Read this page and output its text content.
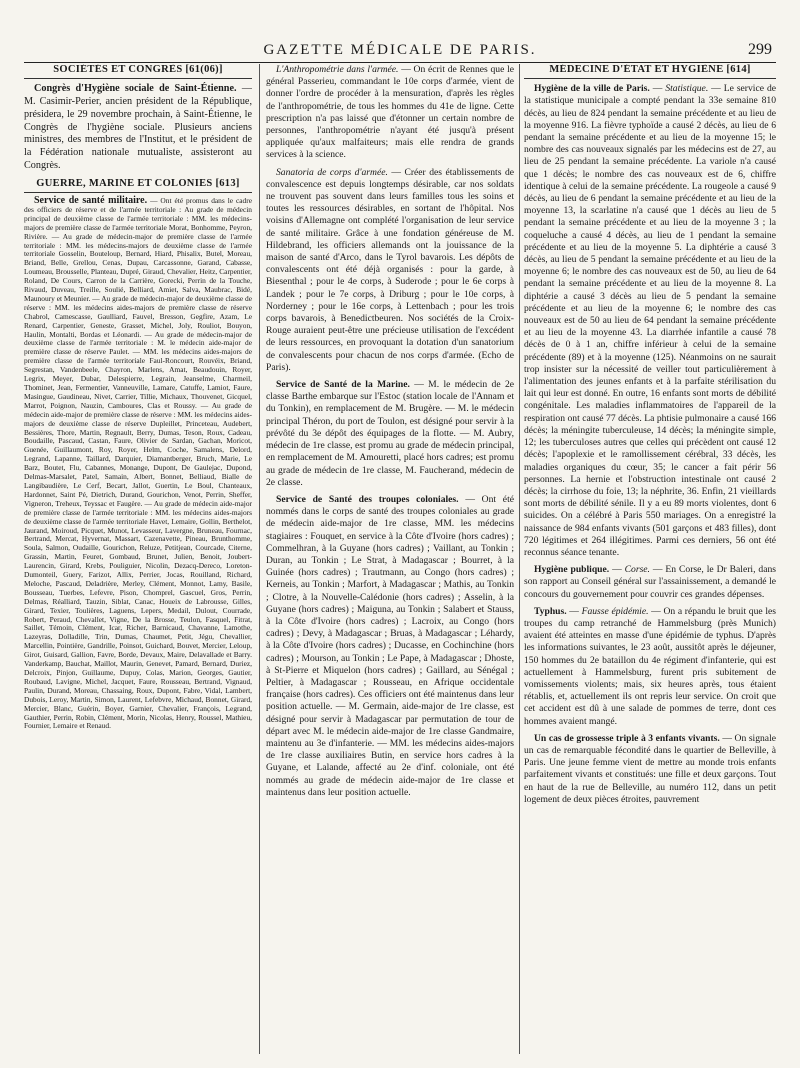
GAZETTE MÉDICALE DE PARIS.	299
SOCIÉTÉS ET CONGRÈS [61(06)]

Congrès d'Hygiène sociale de Saint-Étienne. — M. Casimir-Perier, ancien président de la République, présidera, le 29 novembre prochain, à Saint-Étienne, le Congrès de l'hygiène sociale. Plusieurs anciens ministres, des membres de l'Institut, et le président de la Fédération nationale mutualiste, assisteront au Congrès.

GUERRE, MARINE ET COLONIES [613]

Service de santé militaire. — Ont été promus dans le cadre des officiers de réserve et de l'armée territoriale : Au grade de médecin principal de deuxième classe de l'armée territoriale : MM. les médecins-majors de première classe de l'armée territoriale Morat, Bonhomme, Peyron, Rivière. — Au grade de médecin-major de première classe de l'armée territoriale : MM. les médecins-majors de deuxième classe de l'armée territoriale Gosselin, Bouteloup, Bernard, Hiard, Phisalix, Butel, Moreau, Briand, Belle, Grellou, Cenas, Dupau, Carcassonne, Garand, Cabasse, Loumeau, Brousselle, Planteau, Dupré, Giraud, Chevalier, Heitz, Carpentier, Roland, De Cours, Carron de la Carrière, Gorecki, Perrin de la Touche, Rivaud, Duveau, Treille, Soulié, Belliard, Amiet, Salva, Maubrac, Bidé, Maunoury et Meunier. — Au grade de médecin-major de deuxième classe de réserve : MM. les médecins aides-majors de première classe de réserve Chabrol, Camescasse, Gaulliard, Fauvel, Bresson, Gegfire, Azam, Le Renard, Carpentier, Geneste, Grasset, Michel, Joly, Rouliot, Bouyon, Haulin, Montalti, Bordas et Léonardi. — Au grade de médecin-major de deuxième classe de l'armée territoriale : M. le médecin aide-major de première classe de réserve Paulet. — MM. les médecins aides-majors de première classe de l'armée territoriale Faul-Roncourt, Rouvéix, Briand, Segrestan, Vandenbeele, Chayron, Marlens, Amat, Beaudouin, Royer, Legrix, Meyer, Dubar, Delespierre, Legrain, Jeanselme, Charmeil, Thominet, Jean, Fermentier, Vanneuville, Lamare, Catuffe, Lamiot, Faure, Masingue, Gaudineau, Nivet, Carrier, Tillie, Michaux, Thouvenet, Gicquel, Marrot, Poignon, Nauzin, Camboures, Clas et Roussy. — Au grade de médecin aide-major de première classe de réserve : MM. les médecins aides-majors de deuxième classe de réserve Dupleillet, Princeteau, Audebert, Bessières, Thore, Martin, Regnault, Berry, Dumas, Teson, Roux, Cadeau, Boudaille, Pascaud, Castan, Faure, Olivier de Sardan, Gachan, Moricot, Guenée, Guillaumont, Roy, Royer, Helm, Coche, Samalens, Delord, Legrand, Lapanne, Taillard, Darquier, Diamantberger, Bruch, Marie, Le Barz, Boutet, Flu, Cabannes, Monange, Dupont, De Gaulejac, Dupond, Delmas-Marsalet, Patel, Samain, Albert, Bonnet, Belliaud, Bialle de Langibaudière, Le Cerf, Becart, Jallot, Guertin, Le Boul, Chanteaux, Hardonnet, Saint Pé, Dietrich, Durand, Gourichon, Venot, Perrin, Sheffer, Vigneron, Treheux, Teyssac et Faugère. — Au grade de médecin aide-major de première classe de l'armée territoriale : MM. les médecins aides-majors de deuxième classe de l'armée territoriale Havet, Lemaire, Gollin, Berthelot, Jaurand, Moiroud, Picquet, Munot, Levasseur, Lavergne, Bruneau, Fournac, Bertrand, Mercat, Hyvernat, Massart, Cazenavette, Pineau, Brunthomme, Soula, Salmon, Oudaille, Gourichon, Reluze, Petitjean, Courcade, Citerne, Grassin, Martin, Feuret, Gombaud, Brunet, Julien, Benoit, Joubert-Laurencin, Girard, Krebs, Pouliguier, Nicolin, Dezacq-Dereco, Loreton-Dumonteil, Guery, Farizot, Allix, Perrier, Jocas, Rouilland, Richard, Meloche, Pascaud, Deladrière, Merley, Clément, Monnot, Lamy, Basile, Bousseau, Tuerbes, Lefevre, Pison, Chomprel, Gascuel, Gros, Perrin, Delmas, Réalliard, Tauzin, Siblat, Canac, Houeix de Labrousse, Gilles, Girard, Texier, Toulières, Laguens, Lepers, Medail, Dulout, Courrade, Robert, Peraud, Chevallet, Vigne, De la Brosse, Teulon, Fasquel, Fitrat, Saillet, Témoin, Clément, Icar, Richer, Barnicaud, Chavanne, Lamothe, Lazeyras, Dolladille, Trin, Dumas, Chaumet, Petit, Jégu, Chevallier, Marcellin, Pointière, Gandrille, Poinsot, Guichard, Bouvet, Mercier, Leloup, Girot, Guisard, Gallion, Favre, Borde, Devaux, Maire, Delavallade et Barry. Vanderkamp, Bauchat, Maillot, Maurin, Genevet, Pamard, Bernard, Duriez, Delcroix, Pinjon, Guillaume, Dupuy, Colas, Marion, Georges, Gautier, Roubaud, Lavigne, Michel, Jacquet, Faure, Rousseau, Bertrand, Vignaud, Paulin, Durand, Moreau, Chassaing, Roux, Dupont, Fabre, Vidal, Lambert, Dubois, Leroy, Martin, Simon, Laurent, Lefebvre, Michaud, Bonnet, Girard, Mercier, Blanc, Guérin, Boyer, Garnier, Chevalier, François, Legrand, Gauthier, Perrin, Robin, Clément, Morin, Nicolas, Henry, Roussel, Mathieu, Fournier, Lemaire et Renaud.

L'Anthropométrie dans l'armée. — On écrit de Rennes que le général Passerieu, commandant le 10e corps d'armée, vient de donner l'ordre de procéder à la mensuration, d'après les règles de l'anthropométrie, de tous les hommes du 41e de ligne. Cette prescription n'a pas laissé que d'étonner un certain nombre de personnes, l'anthropométrie n'ayant été jusqu'à présent appliquée qu'aux malfaiteurs; mais elle rendra de grands services à la science.

Sanatoria de corps d'armée. — Créer des établissements de convalescence est depuis longtemps désirable, car nos soldats ne trouvent pas souvent dans leurs familles tous les soins et toutes les ressources désirables, en sortant de l'hôpital. Nos voisins d'Allemagne ont complété l'organisation de leur service de santé militaire. Grâce à une fondation généreuse de M. Hildebrand, les officiers allemands ont la jouissance de la maison de santé d'Arco, dans le Tyrol bavarois. Les dépôts de convalescents ont été déjà organisés : pour la garde, à Biesenthal ; pour le 4e corps, à Suderode ; pour le 6e corps à Landek ; pour le 7e corps, à Driburg ; pour le 10e corps, à Norderney ; pour le 16e corps, à Lettenbach ; pour les trois corps bavarois, à Benedictbeuren. Nos sociétés de la Croix-Rouge auraient peut-être une précieuse utilisation de l'excédent de leurs ressources, en provoquant la dotation d'un sanatorium de convalescents pour chacun de nos corps d'armée. (Echo de Paris).

Service de Santé de la Marine. — M. le médecin de 2e classe Barthe embarque sur l'Estoc (station locale de l'Annam et du Tonkin), en remplacement de M. Brugère. — M. le médecin principal Théron, du port de Toulon, est désigné pour servir à la prévôté du 3e dépôt des équipages de la flotte. — M. Aubry, médecin de 1re classe, est promu au grade de médecin principal, en remplacement de M. Amouretti, placé hors cadres; est promu au grade de médecin de 1re classe, M. Faucherand, médecin de 2e classe.

Service de Santé des troupes coloniales. — Ont été nommés dans le corps de santé des troupes coloniales au grade de médecin aide-major de 1re classe, MM. les médecins stagiaires : Fouquet, en service à la Côte d'Ivoire (hors cadres) ; Commelhran, à la Guyane (hors cadres) ; Vaillant, au Tonkin ; Duran, au Tonkin ; Le Strat, à Madagascar ; Bourret, à la Guinée (hors cadres) ; Trautmann, au Congo (hors cadres) ; Kerneis, au Tonkin ; Marfort, à Madagascar ; Mathis, au Tonkin ; Clotre, à la Nouvelle-Calédonie (hors cadres) ; Asselin, à la Guyane (hors cadres) ; Maiguna, au Tonkin ; Salabert et Stauss, à la Côte d'Ivoire (hors cadres) ; Lacroix, au Congo (hors cadres) ; Devy, à Madagascar ; Bruas, à Madagascar ; Léhardy, à la Côte d'Ivoire (hors cadres) ; Ducasse, en Cochinchine (hors cadres) ; Mourson, au Tonkin ; Le Pape, à Madagascar ; Dhoste, à St-Pierre et Miquelon (hors cadres) ; Gaillard, au Sénégal ; Peltier, à Madagascar ; Rousseau, en Afrique occidentale française (hors cadres). Ces officiers ont été maintenus dans leur position actuelle. — M. Germain, aide-major de 1re classe, est désigné pour servir à Madagascar par permutation de tour de départ avec M. le médecin aide-major de 1re classe Gandmaire, maintenu au 3e d'infanterie. — MM. les médecins aides-majors de 1re classe auxiliaires Butin, en service hors cadres à la Guyane, et Lalande, affecté au 2e d'inf. coloniale, ont été nommés au grade de médecin aide-major de 1re classe et maintenus dans leur position actuelle.

MÉDECINE D'ÉTAT ET HYGIÈNE [614]

Hygiène de la ville de Paris. — Statistique. — Le service de la statistique municipale a compté pendant la 33e semaine 810 décès, au lieu de 824 pendant la semaine précédente et au lieu de la moyenne 916. La fièvre typhoïde a causé 2 décès, au lieu de 6 pendant la semaine précédente et au lieu de la moyenne 15; le nombre des cas nouveaux signalés par les médecins est de 27, au lieu de 25 pendant la semaine précédente. La variole n'a causé que 1 décès; le nombre des cas nouveaux est de 6, chiffre identique à celui de la semaine précédente. La rougeole a causé 9 décès, au lieu de 6 pendant la semaine précédente et au lieu de la moyenne 13, la scarlatine n'a causé que 1 décès au lieu de 5 pendant la semaine précédente et au lieu de la moyenne 3 ; la coqueluche a causé 4 décès, au lieu de 1 pendant la semaine précédente et au lieu de la moyenne 5. La diphtérie a causé 3 décès, au lieu de 5 pendant la semaine précédente et au lieu de la moyenne 6; le nombre des cas nouveaux est de 50, au lieu de 64 pendant la semaine précédente et au lieu de la moyenne 8. La diphtérie a causé 3 décès au lieu de 5 pendant la semaine précédente et au lieu de la moyenne 6; le nombre des cas nouveaux est de 50 au lieu de 64 pendant la semaine précédente et au lieu de la moyenne 43. La diarrhée infantile a causé 78 décès de 0 à 1 an, chiffre inférieur à celui de la semaine précédente (89) et à la moyenne (125). Néanmoins on ne saurait trop insister sur la nécessité de veiller tout particulièrement à l'alimentation des jeunes enfants et à la parfaite stérilisation du lait qui leur est donné. En outre, 16 enfants sont morts de débilité congénitale. Les maladies inflammatoires de l'appareil de la respiration ont causé 77 décès. La phtisie pulmonaire a causé 166 décès; la méningite tuberculeuse, 14 décès; la méningite simple, 12; les tuberculoses autres que celles qui précèdent ont causé 12 décès; l'apoplexie et le ramollissement cérébral, 33 décès, les maladies organiques du cœur, 35; le cancer a fait périr 56 personnes. La hernie et l'obstruction intestinale ont causé 2 décès; la cirrhose du foie, 13; la néphrite, 36. Enfin, 21 vieillards sont morts de débilité sénile. Il y a eu 89 morts violentes, dont 6 suicides. On a célébré à Paris 550 mariages. On a enregistré la naissance de 984 enfants vivants (501 garçons et 483 filles), dont 720 légitimes et 264 illégitimes. Parmi ces derniers, 56 ont été reconnus séance tenante.

Hygiène publique. — Corse. — En Corse, le Dr Baleri, dans son rapport au Conseil général sur l'assainissement, a demandé le concours du gouvernement pour couvrir ces grandes dépenses.

Typhus. — Fausse épidémie. — On a répandu le bruit que les troupes du camp retranché de Hammelsburg (près Munich) avaient été atteintes en masse d'une épidémie de typhus. D'après les informations suivantes, le 23 août, aussitôt après le déjeuner, 150 hommes du 2e bataillon du 4e régiment d'infanterie, qui est actuellement à Hammelsburg, furent pris subitement de vomissements violents; mais, six heures après, tous étaient rétablis, et, actuellement ils ont repris leur service. On croit que cet accident est dû à une salade de pommes de terre, dont ces hommes avaient mangé.

Un cas de grossesse triple à 3 enfants vivants. — On signale un cas de remarquable fécondité dans le quartier de Belleville, à Paris. Une jeune femme vient de mettre au monde trois enfants parfaitement vivants et constitués: une fille et deux garçons. Tout en haut de la rue de Belleville, au numéro 112, dans un petit logement de deux pièces étroites, pauvrement
